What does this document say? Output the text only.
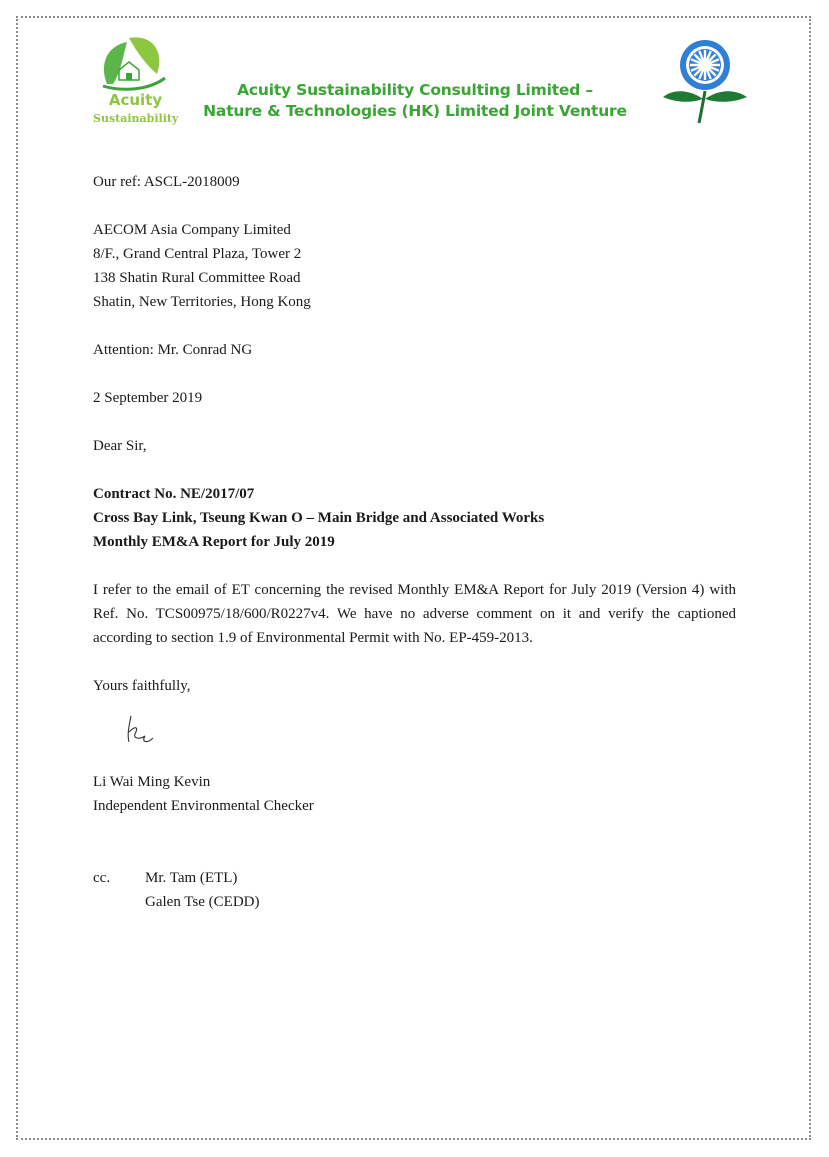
Acuity
Sustainability
Acuity Sustainability Consulting Limited –
Nature & Technologies (HK) Limited Joint Venture
Our ref: ASCL-2018009
AECOM Asia Company Limited
8/F., Grand Central Plaza, Tower 2
138 Shatin Rural Committee Road
Shatin, New Territories, Hong Kong
Attention: Mr. Conrad NG
2 September 2019
Dear Sir,
Contract No. NE/2017/07
Cross Bay Link, Tseung Kwan O – Main Bridge and Associated Works
Monthly EM&A Report for July 2019
I refer to the email of ET concerning the revised Monthly EM&A Report for July 2019 (Version 4) with Ref. No. TCS00975/18/600/R0227v4. We have no adverse comment on it and verify the captioned according to section 1.9 of Environmental Permit with No. EP-459-2013.
Yours faithfully,
Li Wai Ming Kevin
Independent Environmental Checker
cc.	Mr. Tam (ETL)
Galen Tse (CEDD)
